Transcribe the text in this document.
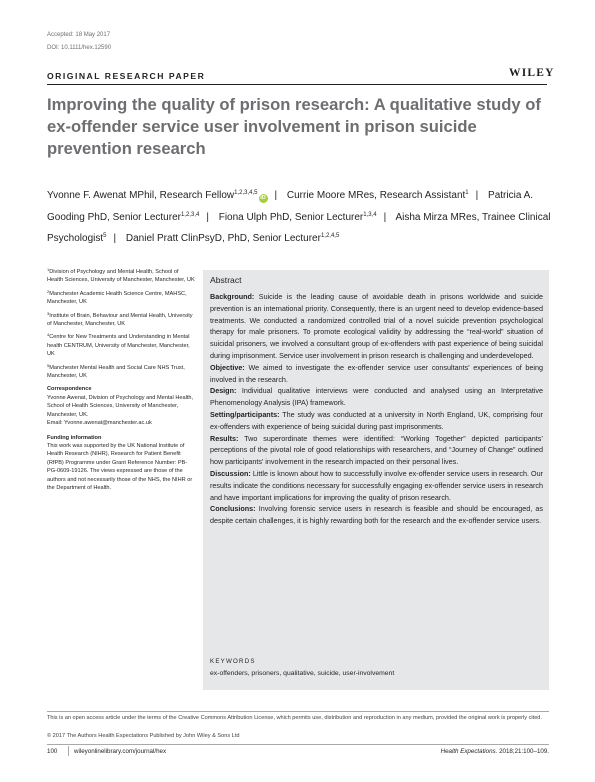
Accepted: 18 May 2017
DOI: 10.1111/hex.12590
ORIGINAL RESEARCH PAPER	WILEY
Improving the quality of prison research: A qualitative study of ex-offender service user involvement in prison suicide prevention research
Yvonne F. Awenat MPhil, Research Fellow$^{1,2,3,4,5}$iD | Currie Moore MRes, Research Assistant$^1$ | Patricia A. Gooding PhD, Senior Lecturer$^{1,2,3,4}$ | Fiona Ulph PhD, Senior Lecturer$^{1,3,4}$ | Aisha Mirza MRes, Trainee Clinical Psychologist$^5$ | Daniel Pratt ClinPsyD, PhD, Senior Lecturer$^{1,2,4,5}$
$^1$Division of Psychology and Mental Health, School of Health Sciences, University of Manchester, Manchester, UK
$^2$Manchester Academic Health Science Centre, MAHSC, Manchester, UK
$^3$Institute of Brain, Behaviour and Mental Health, University of Manchester, Manchester, UK
$^4$Centre for New Treatments and Understanding in Mental health CENTRUM, University of Manchester, Manchester, UK
$^5$Manchester Mental Health and Social Care NHS Trust, Manchester, UK
Correspondence
Yvonne Awenat, Division of Psychology and Mental Health, School of Health Sciences, University of Manchester, Manchester, UK.
Email: Yvonne.awenat@manchester.ac.uk
Funding information
This work was supported by the UK National Institute of Health Research (NIHR), Research for Patient Benefit (RfPB) Programme under Grant Reference Number: PB-PG-0609-19126. The views expressed are those of the authors and not necessarily those of the NHS, the NIHR or the Department of Health.
Abstract

Background: Suicide is the leading cause of avoidable death in prisons worldwide and suicide prevention is an international priority. Consequently, there is an urgent need to develop evidence-based treatments. We conducted a randomized controlled trial of a novel suicide prevention psychological therapy for male prisoners. To promote ecological validity by addressing the “real-world” situation of suicidal prisoners, we involved a consultant group of ex-offenders with past experience of being suicidal during imprisonment. Service user involvement in prison research is challenging and underdeveloped.

Objective: We aimed to investigate the ex-offender service user consultants’ experiences of being involved in the research.

Design: Individual qualitative interviews were conducted and analysed using an Interpretative Phenomenology Analysis (IPA) framework.

Setting/participants: The study was conducted at a university in North England, UK, comprising four ex-offenders with experience of being suicidal during past imprisonments.

Results: Two superordinate themes were identified: “Working Together” depicted participants’ perceptions of the pivotal role of good relationships with researchers, and “Journey of Change” outlined how participants’ involvement in the research impacted on their personal lives.

Discussion: Little is known about how to successfully involve ex-offender service users in research. Our results indicate the conditions necessary for successfully engaging ex-offender service users in research and have important implications for improving the quality of prison research.

Conclusions: Involving forensic service users in research is feasible and should be encouraged, as despite certain challenges, it is highly rewarding both for the research and the ex-offender service users.

KEYWORDS
ex-offenders, prisoners, qualitative, suicide, user-involvement
This is an open access article under the terms of the Creative Commons Attribution License, which permits use, distribution and reproduction in any medium, provided the original work is properly cited.
© 2017 The Authors Health Expectations Published by John Wiley & Sons Ltd
100	wileyonlinelibrary.com/journal/hex	Health Expectations. 2018;21:100–109.
